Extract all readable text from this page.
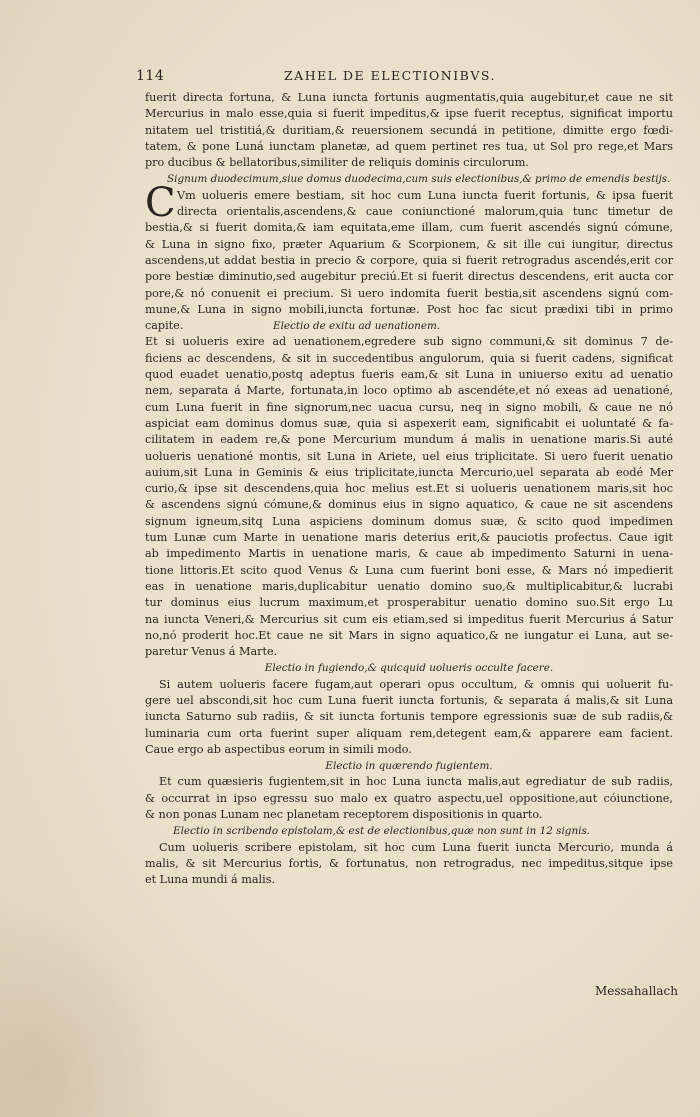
114	ZAHEL DE ELECTIONIBVS.
fuerit directa fortuna, & Luna iuncta fortunis augmentatis,quia augebitur,et caue ne sit
Mercurius in malo esse,quia si fuerit impeditus,& ipse fuerit receptus, significat importu
nitatem uel tristitiá,& duritiam,& reuersionem secundá in petitione, dimitte ergo fœdi-
tatem, & pone Luná iunctam planetæ, ad quem pertinet res tua, ut Sol pro rege,et Mars
pro ducibus & bellatoribus,similiter de reliquis dominis circulorum.
Signum duodecimum,siue domus duodecima,cum suis electionibus,& primo de emendis bestijs.
C Vm uolueris emere bestiam, sit hoc cum Luna iuncta fuerit fortunis, & ipsa fuerit
directa orientalis,ascendens,& caue coniunctioné malorum,quia tunc timetur de
bestia,& si fuerit domita,& iam equitata,eme illam, cum fuerit ascendés signú cómune,
& Luna in signo fixo, præter Aquarium & Scorpionem, & sit ille cui iungitur, directus
ascendens,ut addat bestia in precio & corpore, quia si fuerit retrogradus ascendés,erit cor
pore bestiæ diminutio,sed augebitur preciú.Et si fuerit directus descendens, erit aucta cor
pore,& nó conuenit ei precium. Si uero indomita fuerit bestia,sit ascendens signú com-
mune,& Luna in signo mobili,iuncta fortunæ. Post hoc fac sicut prædixi tibi in primo
capite.	Electio de exitu ad uenationem.
Et si uolueris exire ad uenationem,egredere sub signo communi,& sit dominus 7 de-
ficiens ac descendens, & sit in succedentibus angulorum, quia si fuerit cadens, significat
quod euadet uenatio,postq adeptus fueris eam,& sit Luna in uniuerso exitu ad uenatio
nem, separata á Marte, fortunata,in loco optimo ab ascendéte,et nó exeas ad uenationé,
cum Luna fuerit in fine signorum,nec uacua cursu, neq in signo mobili, & caue ne nó
aspiciat eam dominus domus suæ, quia si aspexerit eam, significabit ei uoluntaté & fa-
cilitatem in eadem re,& pone Mercurium mundum á malis in uenatione maris.Si auté
uolueris uenationé montis, sit Luna in Ariete, uel eius triplicitate. Si uero fuerit uenatio
auium,sit Luna in Geminis & eius triplicitate,iuncta Mercurio,uel separata ab eodé Mer
curio,& ipse sit descendens,quia hoc melius est.Et si uolueris uenationem maris,sit hoc
& ascendens signú cómune,& dominus eius in signo aquatico, & caue ne sit ascendens
signum igneum,sitq Luna aspiciens dominum domus suæ, & scito quod impedimen
tum Lunæ cum Marte in uenatione maris deterius erit,& pauciotis profectus. Caue igit
ab impedimento Martis in uenatione maris, & caue ab impedimento Saturni in uena-
tione littoris.Et scito quod Venus & Luna cum fuerint boni esse, & Mars nó impedierit
eas in uenatione maris,duplicabitur uenatio domino suo,& multiplicabitur,& lucrabi
tur dominus eius lucrum maximum,et prosperabitur uenatio domino suo.Sit ergo Lu
na iuncta Veneri,& Mercurius sit cum eis etiam,sed si impeditus fuerit Mercurius á Satur
no,nó proderit hoc.Et caue ne sit Mars in signo aquatico,& ne iungatur ei Luna, aut se-
paretur Venus á Marte.
Electio in fugiendo,& quicquid uolueris occulte facere.
Si autem uolueris facere fugam,aut operari opus occultum, & omnis qui uoluerit fu-
gere uel abscondi,sit hoc cum Luna fuerit iuncta fortunis, & separata á malis,& sit Luna
iuncta Saturno sub radiis, & sit iuncta fortunis tempore egressionis suæ de sub radiis,&
luminaria cum orta fuerint super aliquam rem,detegent eam,& apparere eam facient.
Caue ergo ab aspectibus eorum in simili modo.
Electio in quærendo fugientem.
Et cum quæsieris fugientem,sit in hoc Luna iuncta malis,aut egrediatur de sub radiis,
& occurrat in ipso egressu suo malo ex quatro aspectu,uel oppositione,aut cóiunctione,
& non ponas Lunam nec planetam receptorem dispositionis in quarto.
Electio in scribendo epistolam,& est de electionibus,quæ non sunt in 12 signis.
Cum uolueris scribere epistolam, sit hoc cum Luna fuerit iuncta Mercurio, munda á
malis, & sit Mercurius fortis, & fortunatus, non retrogradus, nec impeditus,sitque ipse
et Luna mundi á malis.
Messahallach
